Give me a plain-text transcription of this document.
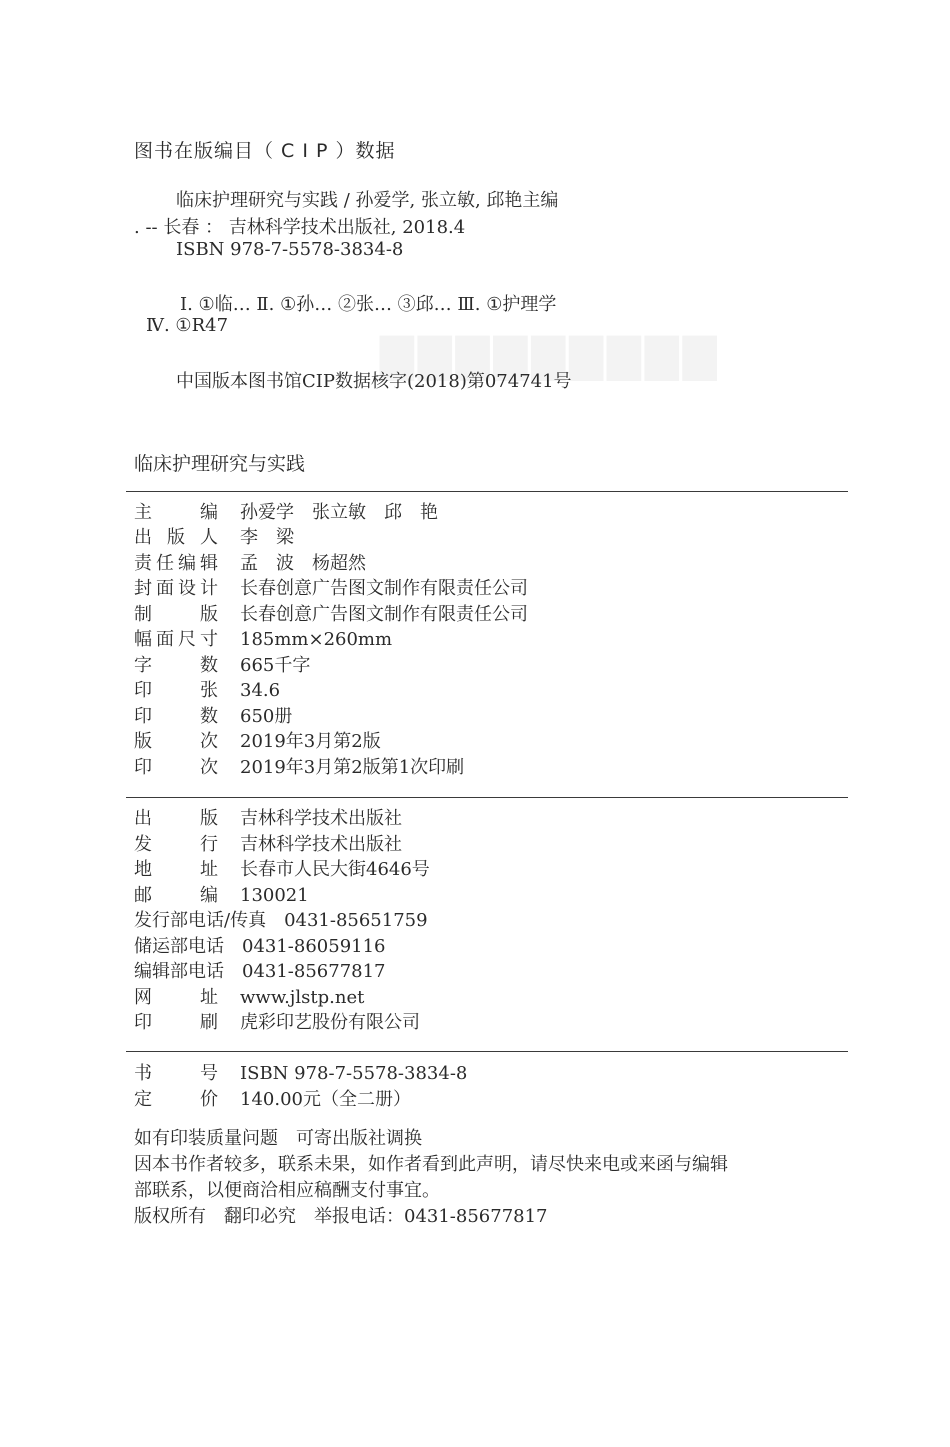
▇▇▇▇▇▇▇▇▇
图书在版编目（ C I P ）数据
临床护理研究与实践 / 孙爱学, 张立敏, 邱艳主编
. -- 长春 ： 吉林科学技术出版社, 2018.4
ISBN 978-7-5578-3834-8
Ⅰ. ①临… Ⅱ. ①孙… ②张… ③邱… Ⅲ. ①护理学
Ⅳ. ①R47
中国版本图书馆CIP数据核字(2018)第074741号
临床护理研究与实践
主　编 孙爱学　张立敏　邱　艳
出版人 李　梁
责任编辑 孟　波　杨超然
封面设计 长春创意广告图文制作有限责任公司
制　版 长春创意广告图文制作有限责任公司
幅面尺寸 185mm×260mm
字　数 665千字
印　张 34.6
印　数 650册
版　次 2019年3月第2版
印　次 2019年3月第2版第1次印刷
出　版 吉林科学技术出版社
发　行 吉林科学技术出版社
地　址 长春市人民大街4646号
邮　编 130021
发行部电话/传真　0431-85651759
储运部电话　0431-86059116
编辑部电话　0431-85677817
网　址 www.jlstp.net
印　刷 虎彩印艺股份有限公司
书　号 ISBN 978-7-5578-3834-8
定　价 140.00元（全二册）
如有印装质量问题　可寄出版社调换
因本书作者较多，联系未果，如作者看到此声明，请尽快来电或来函与编辑
部联系，以便商洽相应稿酬支付事宜。
版权所有　翻印必究　举报电话：0431-85677817
